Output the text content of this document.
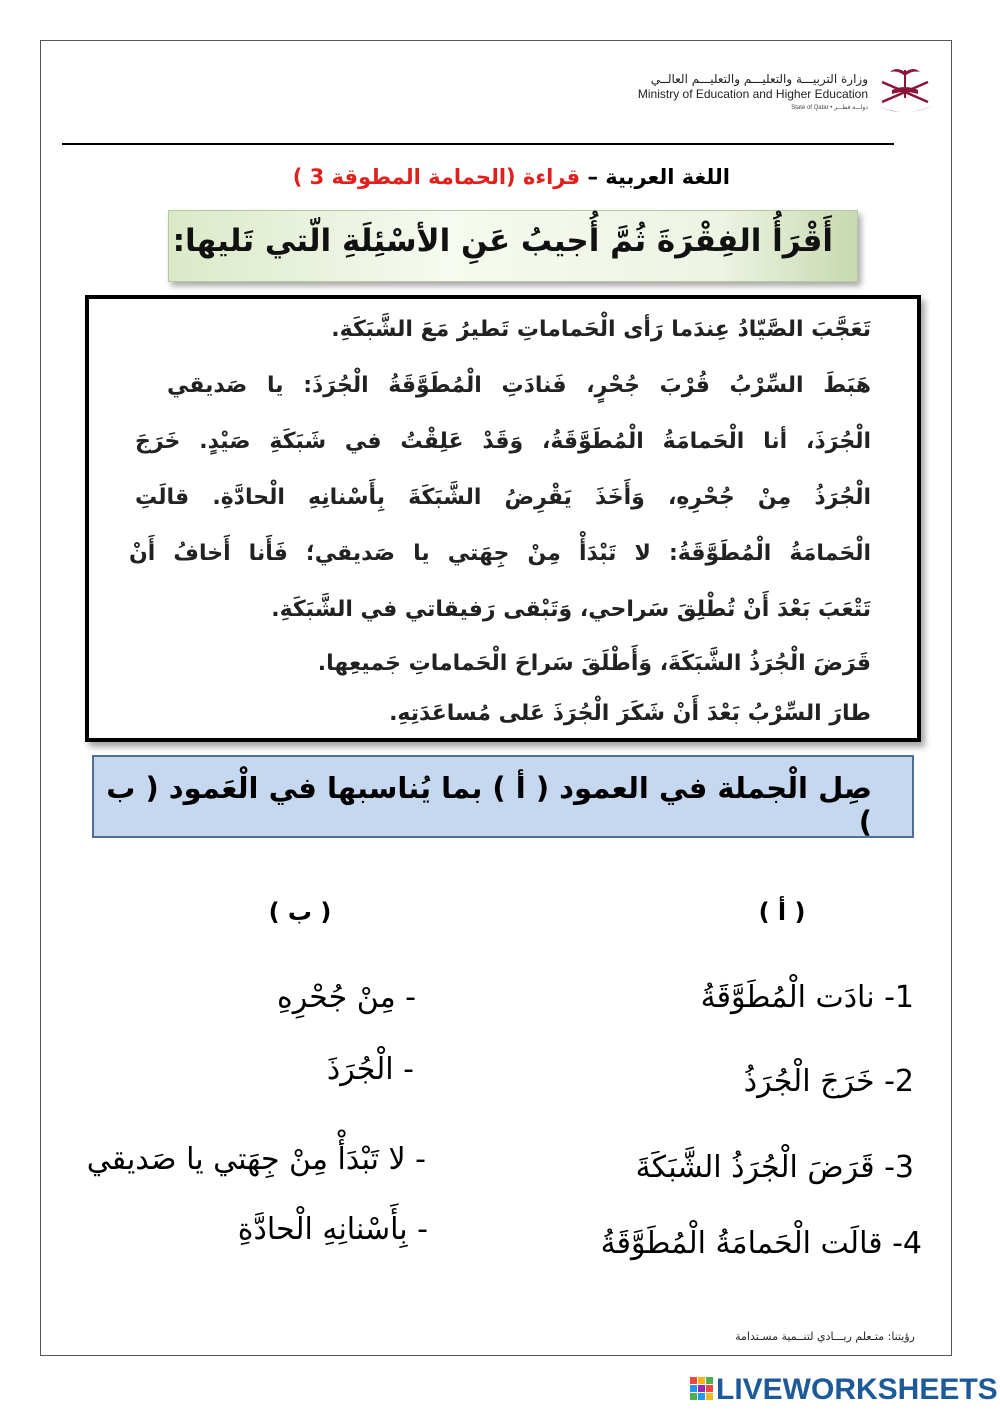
وزارة التربيـــة والتعليـــم والتعليـــم العالــي
Ministry of Education and Higher Education
State of Qatar • دولـــة قطـــر
اللغة العربية – قراءة (الحمامة المطوقة 3 )
أَقْرَأُ الفِقْرَةَ ثُمَّ أُجيبُ عَنِ الأسْئِلَةِ الّتي تَليها:
تَعَجَّبَ الصَّيّادُ عِندَما رَأى الْحَماماتِ تَطيرُ مَعَ الشَّبَكَةِ.
هَبَطَ السِّرْبُ قُرْبَ جُحْرٍ، فَنادَتِ الْمُطَوَّقَةُ الْجُرَذَ: يا صَديقي
الْجُرَذَ، أنا الْحَمامَةُ الْمُطَوَّقَةُ، وَقَدْ عَلِقْتُ في شَبَكَةِ صَيْدٍ. خَرَجَ
الْجُرَذُ مِنْ جُحْرِهِ، وَأَخَذَ يَقْرِضُ الشَّبَكَةَ بِأَسْنانِهِ الْحادَّةِ. قالَتِ
الْحَمامَةُ الْمُطَوَّقَةُ: لا تَبْدَأْ مِنْ جِهَتي يا صَديقي؛ فَأَنا أَخافُ أَنْ
تَتْعَبَ بَعْدَ أَنْ تُطْلِقَ سَراحي، وَتَبْقى رَفيقاتي في الشَّبَكَةِ.
قَرَضَ الْجُرَذُ الشَّبَكَةَ، وَأَطْلَقَ سَراحَ الْحَماماتِ جَميعِها.
طارَ السِّرْبُ بَعْدَ أَنْ شَكَرَ الْجُرَذَ عَلى مُساعَدَتِهِ.
صِل الْجملة في العمود ( أ ) بما يُناسبها في الْعَمود ( ب )
( أ )
( ب )
1- نادَت الْمُطَوَّقَةُ
2- خَرَجَ الْجُرَذُ
3- قَرَضَ الْجُرَذُ الشَّبَكَةَ
4- قالَت الْحَمامَةُ الْمُطَوَّقَةُ
- مِنْ جُحْرِهِ
- الْجُرَذَ
- لا تَبْدَأْ مِنْ جِهَتي يا صَديقي
- بِأَسْنانِهِ الْحادَّةِ
رؤيتنا: متـعلم ريـــادي لتنــمية مسـتدامة
LIVEWORKSHEETS
